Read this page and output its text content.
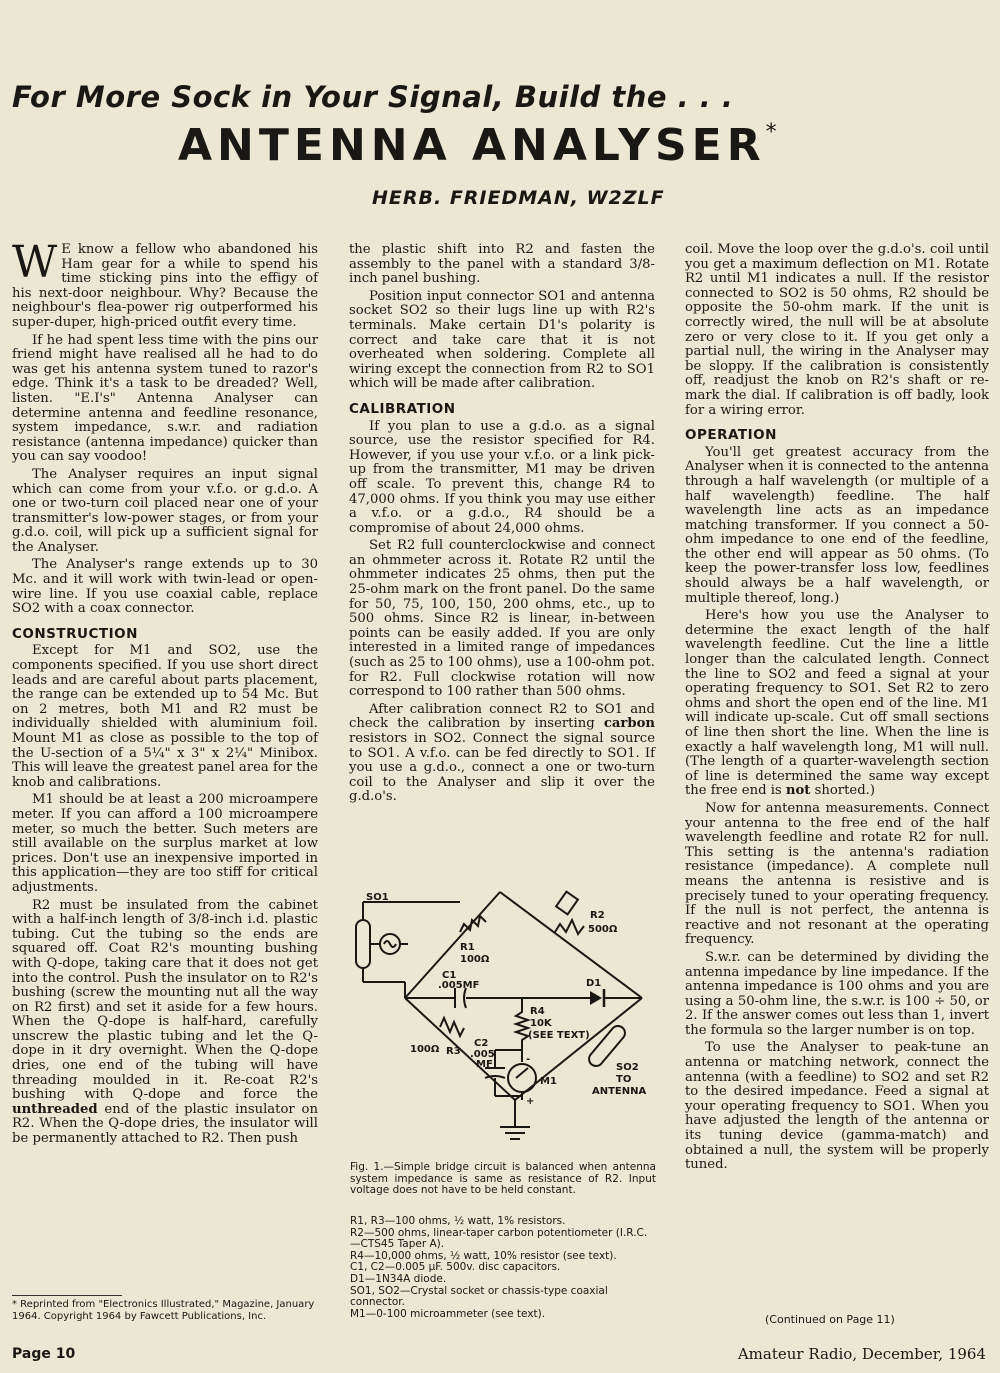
For More Sock in Your Signal, Build the . . .
ANTENNA ANALYSER*
HERB. FRIEDMAN, W2ZLF

W E know a fellow who abandoned his Ham gear for a while to spend his time sticking pins into the effigy of his next-door neighbour. Why? Because the neighbour's flea-power rig outperformed his super-duper, high-priced outfit every time.

If he had spent less time with the pins our friend might have realised all he had to do was get his antenna system tuned to razor's edge. Think it's a task to be dreaded? Well, listen. "E.I's" Antenna Analyser can determine antenna and feedline resonance, system impedance, s.w.r. and radiation resistance (antenna impedance) quicker than you can say voodoo!

The Analyser requires an input signal which can come from your v.f.o. or g.d.o. A one or two-turn coil placed near one of your transmitter's low-power stages, or from your g.d.o. coil, will pick up a sufficient signal for the Analyser.

The Analyser's range extends up to 30 Mc. and it will work with twin-lead or open-wire line. If you use coaxial cable, replace SO2 with a coax connector.

CONSTRUCTION

Except for M1 and SO2, use the components specified. If you use short direct leads and are careful about parts placement, the range can be extended up to 54 Mc. But on 2 metres, both M1 and R2 must be individually shielded with aluminium foil. Mount M1 as close as possible to the top of the U-section of a 5¼" x 3" x 2¼" Minibox. This will leave the greatest panel area for the knob and calibrations.

M1 should be at least a 200 microampere meter. If you can afford a 100 microampere meter, so much the better. Such meters are still available on the surplus market at low prices. Don't use an inexpensive imported in this application—they are too stiff for critical adjustments.

R2 must be insulated from the cabinet with a half-inch length of 3/8-inch i.d. plastic tubing. Cut the tubing so the ends are squared off. Coat R2's mounting bushing with Q-dope, taking care that it does not get into the control. Push the insulator on to R2's bushing (screw the mounting nut all the way on R2 first) and set it aside for a few hours. When the Q-dope is half-hard, carefully unscrew the plastic tubing and let the Q-dope in it dry overnight. When the Q-dope dries, one end of the tubing will have threading moulded in it. Re-coat R2's bushing with Q-dope and force the unthreaded end of the plastic insulator on R2. When the Q-dope dries, the insulator will be permanently attached to R2. Then push

* Reprinted from "Electronics Illustrated," Magazine, January 1964. Copyright 1964 by Fawcett Publications, Inc.

the plastic shift into R2 and fasten the assembly to the panel with a standard 3/8-inch panel bushing.

Position input connector SO1 and antenna socket SO2 so their lugs line up with R2's terminals. Make certain D1's polarity is correct and take care that it is not overheated when soldering. Complete all wiring except the connection from R2 to SO1 which will be made after calibration.

CALIBRATION

If you plan to use a g.d.o. as a signal source, use the resistor specified for R4. However, if you use your v.f.o. or a link pick-up from the transmitter, M1 may be driven off scale. To prevent this, change R4 to 47,000 ohms. If you think you may use either a v.f.o. or a g.d.o., R4 should be a compromise of about 24,000 ohms.

Set R2 full counterclockwise and connect an ohmmeter across it. Rotate R2 until the ohmmeter indicates 25 ohms, then put the 25-ohm mark on the front panel. Do the same for 50, 75, 100, 150, 200 ohms, etc., up to 500 ohms. Since R2 is linear, in-between points can be easily added. If you are only interested in a limited range of impedances (such as 25 to 100 ohms), use a 100-ohm pot. for R2. Full clockwise rotation will now correspond to 100 rather than 500 ohms.

After calibration connect R2 to SO1 and check the calibration by inserting carbon resistors in SO2. Connect the signal source to SO1. A v.f.o. can be fed directly to SO1. If you use a g.d.o., connect a one or two-turn coil to the Analyser and slip it over the g.d.o's.

SO1
R1
100Ω
R2
500Ω
C1
.005MF	D1
R4
10K
(SEE TEXT)
C2
.005
MF
R3
100Ω
M1
-
+
SO2
TO
ANTENNA
Fig. 1.—Simple bridge circuit is balanced when antenna system impedance is same as resistance of R2. Input voltage does not have to be held constant.
R1, R3—100 ohms, ½ watt, 1% resistors.
R2—500 ohms, linear-taper carbon potentiometer (I.R.C.—CTS45 Taper A).
R4—10,000 ohms, ½ watt, 10% resistor (see text).
C1, C2—0.005 μF. 500v. disc capacitors.
D1—1N34A diode.
SO1, SO2—Crystal socket or chassis-type coaxial connector.
M1—0-100 microammeter (see text).

coil. Move the loop over the g.d.o's. coil until you get a maximum deflection on M1. Rotate R2 until M1 indicates a null. If the resistor connected to SO2 is 50 ohms, R2 should be opposite the 50-ohm mark. If the unit is correctly wired, the null will be at absolute zero or very close to it. If you get only a partial null, the wiring in the Analyser may be sloppy. If the calibration is consistently off, readjust the knob on R2's shaft or re-mark the dial. If calibration is off badly, look for a wiring error.

OPERATION

You'll get greatest accuracy from the Analyser when it is connected to the antenna through a half wavelength (or multiple of a half wavelength) feedline. The half wavelength line acts as an impedance matching transformer. If you connect a 50-ohm impedance to one end of the feedline, the other end will appear as 50 ohms. (To keep the power-transfer loss low, feedlines should always be a half wavelength, or multiple thereof, long.)

Here's how you use the Analyser to determine the exact length of the half wavelength feedline. Cut the line a little longer than the calculated length. Connect the line to SO2 and feed a signal at your operating frequency to SO1. Set R2 to zero ohms and short the open end of the line. M1 will indicate up-scale. Cut off small sections of line then short the line. When the line is exactly a half wavelength long, M1 will null. (The length of a quarter-wavelength section of line is determined the same way except the free end is not shorted.)

Now for antenna measurements. Connect your antenna to the free end of the half wavelength feedline and rotate R2 for null. This setting is the antenna's radiation resistance (impedance). A complete null means the antenna is resistive and is precisely tuned to your operating frequency. If the null is not perfect, the antenna is reactive and not resonant at the operating frequency.

S.w.r. can be determined by dividing the antenna impedance by line impedance. If the antenna impedance is 100 ohms and you are using a 50-ohm line, the s.w.r. is 100 ÷ 50, or 2. If the answer comes out less than 1, invert the formula so the larger number is on top.

To use the Analyser to peak-tune an antenna or matching network, connect the antenna (with a feedline) to SO2 and set R2 to the desired impedance. Feed a signal at your operating frequency to SO1. When you have adjusted the length of the antenna or its tuning device (gamma-match) and obtained a null, the system will be properly tuned.

(Continued on Page 11)
Page 10	Amateur Radio, December, 1964
